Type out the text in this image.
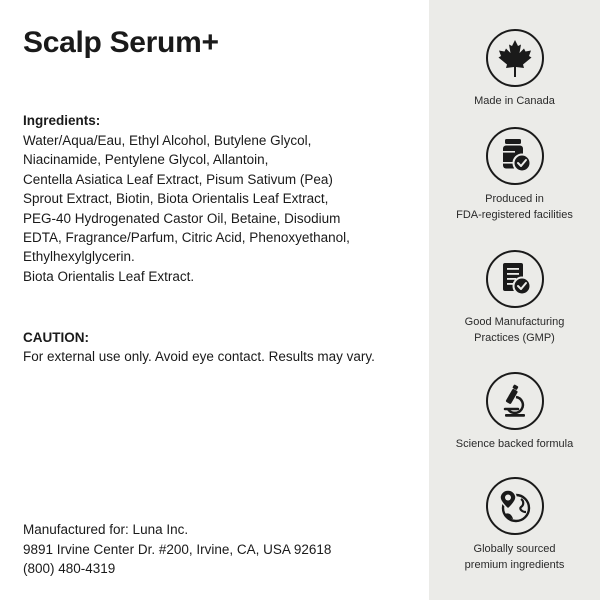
Scalp Serum+

Ingredients:

Water/Aqua/Eau, Ethyl Alcohol, Butylene Glycol,
Niacinamide, Pentylene Glycol, Allantoin,
Centella Asiatica Leaf Extract, Pisum Sativum (Pea)
Sprout Extract, Biotin, Biota Orientalis Leaf Extract,
PEG-40 Hydrogenated Castor Oil, Betaine, Disodium
EDTA, Fragrance/Parfum, Citric Acid, Phenoxyethanol,
Ethylhexylglycerin.
Biota Orientalis Leaf Extract.

CAUTION:

For external use only. Avoid eye contact. Results may vary.
Manufactured for: Luna Inc.
9891 Irvine Center Dr. #200, Irvine, CA, USA 92618
(800) 480-4319
Made in Canada
Produced in
FDA-registered facilities
Good Manufacturing
Practices (GMP)
Science backed formula
Globally sourced
premium ingredients
